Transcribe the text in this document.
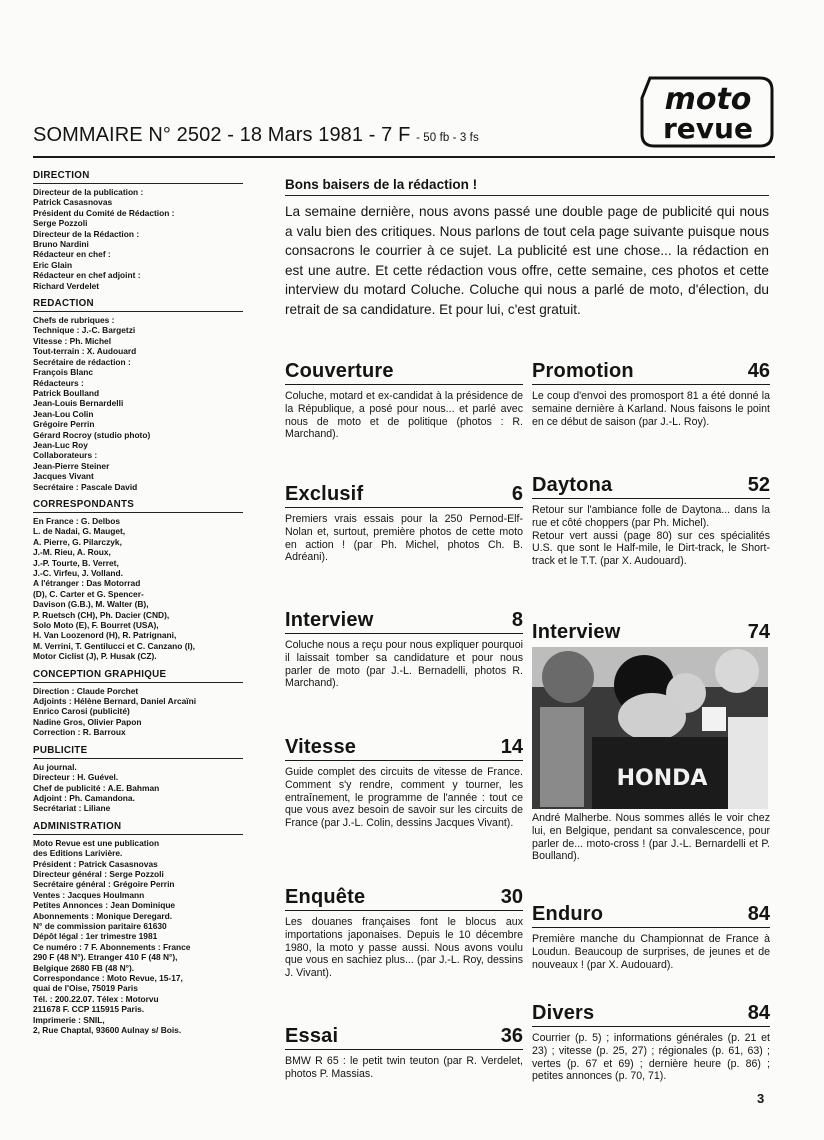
SOMMAIRE N° 2502 - 18 Mars 1981 - 7 F - 50 fb - 3 fs
moto
revue
DIRECTION
Directeur de la publication :
Patrick Casasnovas
Président du Comité de Rédaction :
Serge Pozzoli
Directeur de la Rédaction :
Bruno Nardini
Rédacteur en chef :
Eric Glain
Rédacteur en chef adjoint :
Richard Verdelet
REDACTION
Chefs de rubriques :
Technique : J.-C. Bargetzi
Vitesse : Ph. Michel
Tout-terrain : X. Audouard
Secrétaire de rédaction :
François Blanc
Rédacteurs :
Patrick Boulland
Jean-Louis Bernardelli
Jean-Lou Colin
Grégoire Perrin
Gérard Rocroy (studio photo)
Jean-Luc Roy
Collaborateurs :
Jean-Pierre Steiner
Jacques Vivant
Secrétaire : Pascale David
CORRESPONDANTS
En France : G. Delbos
L. de Nadai, G. Mauget,
A. Pierre, G. Pilarczyk,
J.-M. Rieu, A. Roux,
J.-P. Tourte, B. Verret,
J.-C. Virfeu, J. Volland.
A l'étranger : Das Motorrad
(D), C. Carter et G. Spencer-
Davison (G.B.), M. Walter (B),
P. Ruetsch (CH), Ph. Dacier (CND),
Solo Moto (E), F. Bourret (USA),
H. Van Loozenord (H), R. Patrignani,
M. Verrini, T. Gentilucci et C. Canzano (I),
Motor Ciclist (J), P. Husak (CZ).
CONCEPTION GRAPHIQUE
Direction : Claude Porchet
Adjoints : Hélène Bernard, Daniel Arcaïni
Enrico Carosi (publicité)
Nadine Gros, Olivier Papon
Correction : R. Barroux
PUBLICITE
Au journal.
Directeur : H. Guével.
Chef de publicité : A.E. Bahman
Adjoint : Ph. Camandona.
Secrétariat : Liliane
ADMINISTRATION
Moto Revue est une publication
des Editions Larivière.
Président : Patrick Casasnovas
Directeur général : Serge Pozzoli
Secrétaire général : Grégoire Perrin
Ventes : Jacques Houlmann
Petites Annonces : Jean Dominique
Abonnements : Monique Deregard.
N° de commission paritaire 61630
Dépôt légal : 1er trimestre 1981
Ce numéro : 7 F. Abonnements : France
290 F (48 N°). Etranger 410 F (48 N°),
Belgique 2680 FB (48 N°).
Correspondance : Moto Revue, 15-17,
quai de l'Oise, 75019 Paris
Tél. : 200.22.07. Télex : Motorvu
211678 F. CCP 115915 Paris.
Imprimerie : SNIL,
2, Rue Chaptal, 93600 Aulnay s/ Bois.
Bons baisers de la rédaction !
La semaine dernière, nous avons passé une double page de publicité qui nous a valu bien des critiques. Nous parlons de tout cela page suivante puisque nous consacrons le courrier à ce sujet. La publicité est une chose... la rédaction en est une autre. Et cette rédaction vous offre, cette semaine, ces photos et cette interview du motard Coluche. Coluche qui nous a parlé de moto, d'élection, du retrait de sa candidature. Et pour lui, c'est gratuit.
Couverture
Coluche, motard et ex-candidat à la présidence de la République, a posé pour nous... et parlé avec nous de moto et de politique (photos : R. Marchand).
Exclusif	6
Premiers vrais essais pour la 250 Pernod-Elf-Nolan et, surtout, première photos de cette moto en action ! (par Ph. Michel, photos Ch. B. Adréani).
Interview	8
Coluche nous a reçu pour nous expliquer pourquoi il laissait tomber sa candidature et pour nous parler de moto (par J.-L. Bernadelli, photos R. Marchand).
Vitesse	14
Guide complet des circuits de vitesse de France. Comment s'y rendre, comment y tourner, les entraînement, le programme de l'année : tout ce que vous avez besoin de savoir sur les circuits de France (par J.-L. Colin, dessins Jacques Vivant).
Enquête	30
Les douanes françaises font le blocus aux importations japonaises. Depuis le 10 décembre 1980, la moto y passe aussi. Nous avons voulu que vous en sachiez plus... (par J.-L. Roy, dessins J. Vivant).
Essai	36
BMW R 65 : le petit twin teuton (par R. Verdelet, photos P. Massias.
Promotion	46
Le coup d'envoi des promosport 81 a été donné la semaine dernière à Karland. Nous faisons le point en ce début de saison (par J.-L. Roy).
Daytona	52

Retour sur l'ambiance folle de Daytona... dans la rue et côté choppers (par Ph. Michel).

Retour vert aussi (page 80) sur ces spécialités U.S. que sont le Half-mile, le Dirt-track, le Short-track et le T.T. (par X. Audouard).

Interview	74
HONDA
André Malherbe. Nous sommes allés le voir chez lui, en Belgique, pendant sa convalescence, pour parler de... moto-cross ! (par J.-L. Bernardelli et P. Boulland).
Enduro	84
Première manche du Championnat de France à Loudun. Beaucoup de surprises, de jeunes et de nouveaux ! (par X. Audouard).
Divers	84
Courrier (p. 5) ; informations générales (p. 21 et 23) ; vitesse (p. 25, 27) ; régionales (p. 61, 63) ; vertes (p. 67 et 69) ; dernière heure (p. 86) ; petites annonces (p. 70, 71).
3
